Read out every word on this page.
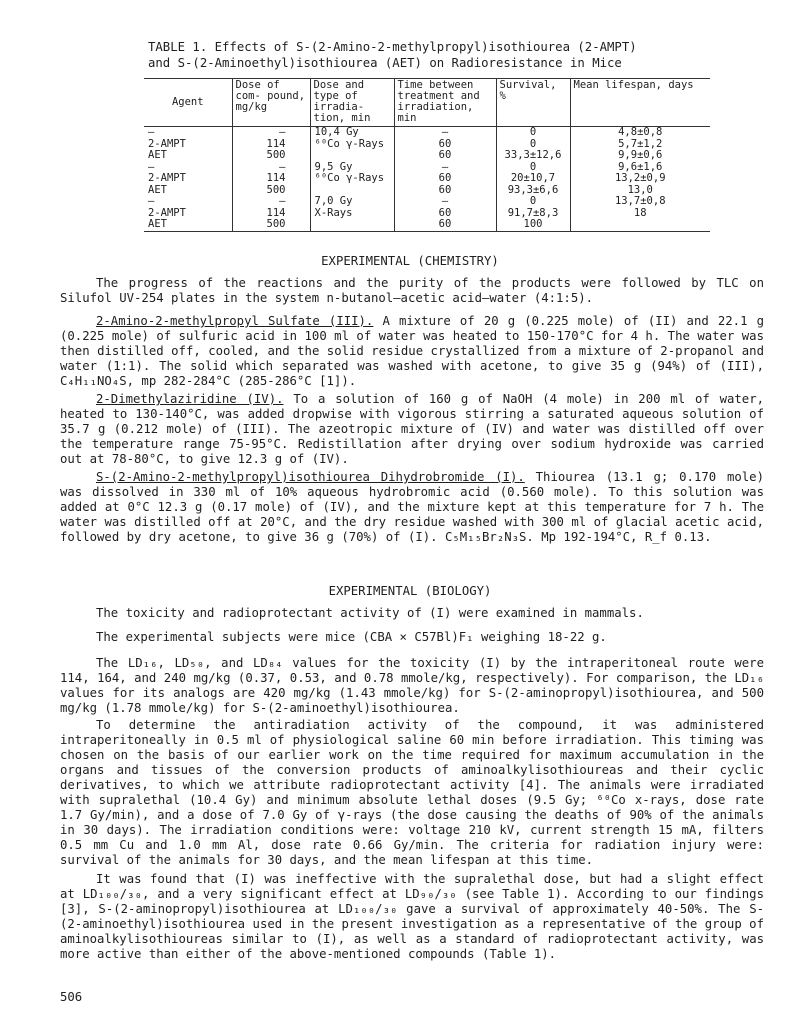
TABLE 1. Effects of S-(2-Amino-2-methylpropyl)isothiourea (2-AMPT)
and S-(2-Aminoethyl)isothiourea (AET) on Radioresistance in Mice
Agent	Dose of com- pound, mg/kg	Dose and type of irradia- tion, min	Time between treatment and irradiation, min	Survival, %	Mean lifespan, days
—	—	10,4 Gy	—	0	4,8±0,8
2-AMPT	114	⁶⁰Co γ-Rays	60	0	5,7±1,2
AET	500		60	33,3±12,6	9,9±0,6
—	—	9,5 Gy	—	0	9,6±1,6
2-AMPT	114	⁶⁰Co γ-Rays	60	20±10,7	13,2±0,9
AET	500		60	93,3±6,6	13,0
—	—	7,0 Gy	—	0	13,7±0,8
2-AMPT	114	X-Rays	60	91,7±8,3	18
AET	500		60	100	
EXPERIMENTAL (CHEMISTRY)

The progress of the reactions and the purity of the products were followed by TLC on Silufol UV-254 plates in the system n-butanol—acetic acid—water (4:1:5).

2-Amino-2-methylpropyl Sulfate (III). A mixture of 20 g (0.225 mole) of (II) and 22.1 g (0.225 mole) of sulfuric acid in 100 ml of water was heated to 150-170°C for 4 h. The water was then distilled off, cooled, and the solid residue crystallized from a mixture of 2-propanol and water (1:1). The solid which separated was washed with acetone, to give 35 g (94%) of (III), C₄H₁₁NO₄S, mp 282-284°C (285-286°C [1]).

2-Dimethylaziridine (IV). To a solution of 160 g of NaOH (4 mole) in 200 ml of water, heated to 130-140°C, was added dropwise with vigorous stirring a saturated aqueous solution of 35.7 g (0.212 mole) of (III). The azeotropic mixture of (IV) and water was distilled off over the temperature range 75-95°C. Redistillation after drying over sodium hydroxide was carried out at 78-80°C, to give 12.3 g of (IV).

S-(2-Amino-2-methylpropyl)isothiourea Dihydrobromide (I). Thiourea (13.1 g; 0.170 mole) was dissolved in 330 ml of 10% aqueous hydrobromic acid (0.560 mole). To this solution was added at 0°C 12.3 g (0.17 mole) of (IV), and the mixture kept at this temperature for 7 h. The water was distilled off at 20°C, and the dry residue washed with 300 ml of glacial acetic acid, followed by dry acetone, to give 36 g (70%) of (I). C₅M₁₅Br₂N₃S. Mp 192-194°C, R_f 0.13.

EXPERIMENTAL (BIOLOGY)

The toxicity and radioprotectant activity of (I) were examined in mammals.

The experimental subjects were mice (CBA × C57Bl)F₁ weighing 18-22 g.

The LD₁₆, LD₅₀, and LD₈₄ values for the toxicity (I) by the intraperitoneal route were 114, 164, and 240 mg/kg (0.37, 0.53, and 0.78 mmole/kg, respectively). For comparison, the LD₁₆ values for its analogs are 420 mg/kg (1.43 mmole/kg) for S-(2-aminopropyl)isothiourea, and 500 mg/kg (1.78 mmole/kg) for S-(2-aminoethyl)isothiourea.

To determine the antiradiation activity of the compound, it was administered intraperitoneally in 0.5 ml of physiological saline 60 min before irradiation. This timing was chosen on the basis of our earlier work on the time required for maximum accumulation in the organs and tissues of the conversion products of aminoalkylisothioureas and their cyclic derivatives, to which we attribute radioprotectant activity [4]. The animals were irradiated with supralethal (10.4 Gy) and minimum absolute lethal doses (9.5 Gy; ⁶⁰Co x-rays, dose rate 1.7 Gy/min), and a dose of 7.0 Gy of γ-rays (the dose causing the deaths of 90% of the animals in 30 days). The irradiation conditions were: voltage 210 kV, current strength 15 mA, filters 0.5 mm Cu and 1.0 mm Al, dose rate 0.66 Gy/min. The criteria for radiation injury were: survival of the animals for 30 days, and the mean lifespan at this time.

It was found that (I) was ineffective with the supralethal dose, but had a slight effect at LD₁₀₀/₃₀, and a very significant effect at LD₉₀/₃₀ (see Table 1). According to our findings [3], S-(2-aminopropyl)isothiourea at LD₁₀₀/₃₀ gave a survival of approximately 40-50%. The S-(2-aminoethyl)isothiourea used in the present investigation as a representative of the group of aminoalkylisothioureas similar to (I), as well as a standard of radioprotectant activity, was more active than either of the above-mentioned compounds (Table 1).

506
